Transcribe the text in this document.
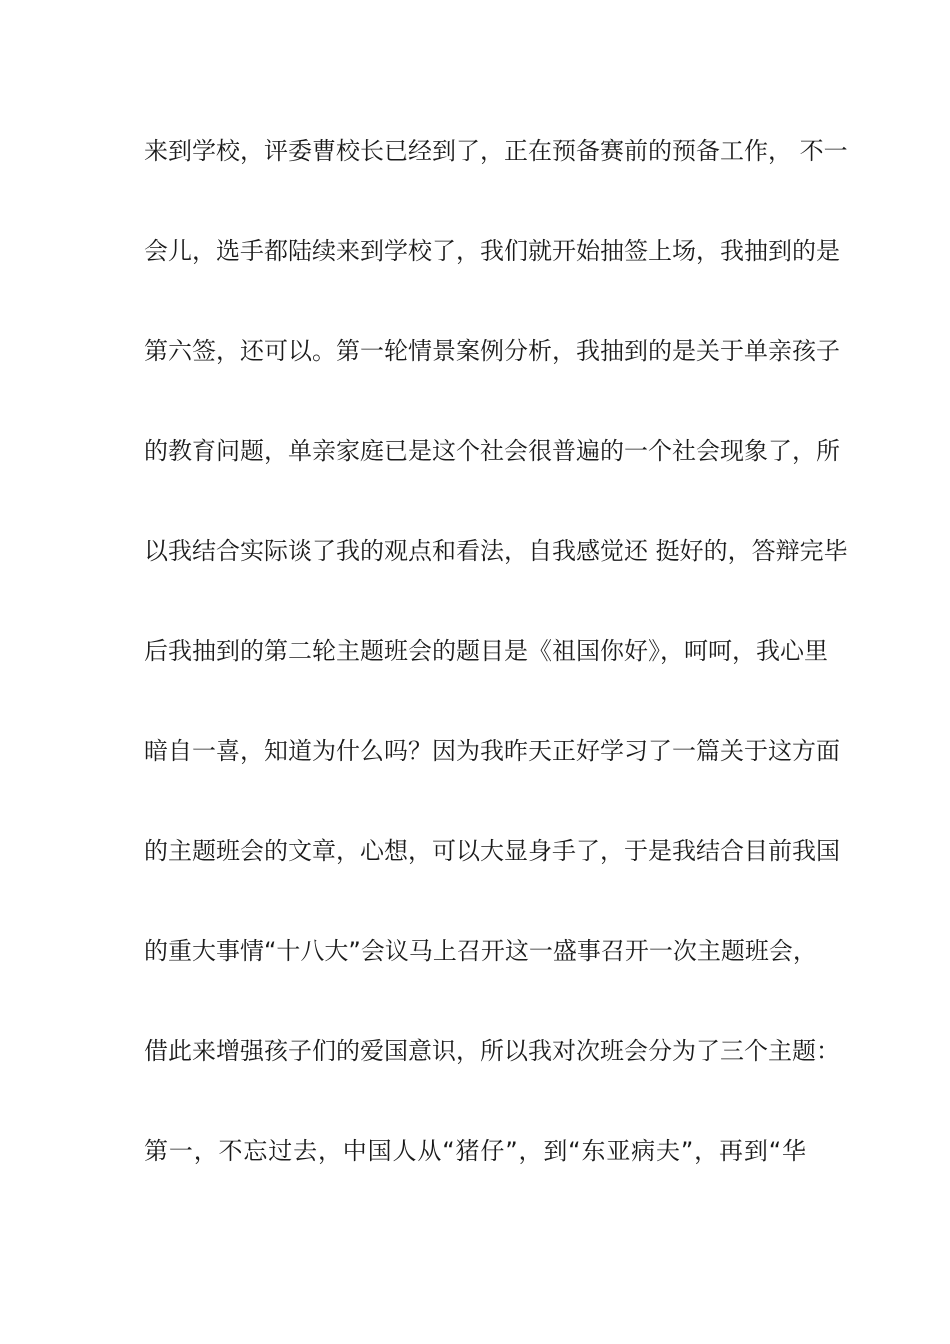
来到学校，评委曹校长已经到了，正在预备赛前的预备工作， 不一
会儿，选手都陆续来到学校了，我们就开始抽签上场，我抽到的是
第六签，还可以。第一轮情景案例分析，我抽到的是关于单亲孩子
的教育问题，单亲家庭已是这个社会很普遍的一个社会现象了，所
以我结合实际谈了我的观点和看法，自我感觉还 挺好的，答辩完毕
后我抽到的第二轮主题班会的题目是《祖国你好》，呵呵，我心里
暗自一喜，知道为什么吗？因为我昨天正好学习了一篇关于这方面
的主题班会的文章，心想，可以大显身手了，于是我结合目前我国
的重大事情“十八大”会议马上召开这一盛事召开一次主题班会，
借此来增强孩子们的爱国意识，所以我对次班会分为了三个主题：
第一，不忘过去，中国人从“猪仔”，到“东亚病夫”，再到“华
